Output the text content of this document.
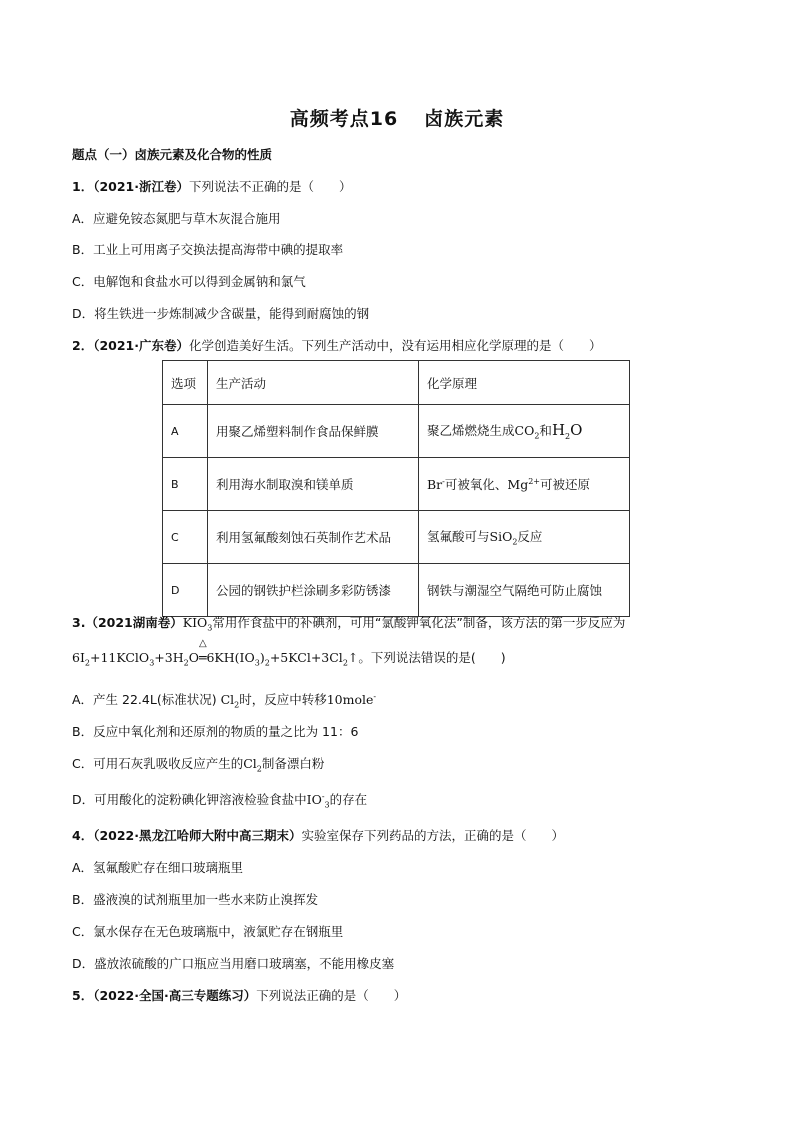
高频考点16 卤族元素
题点（一）卤族元素及化合物的性质
1．（2021·浙江卷）下列说法不正确的是（　　）
A．应避免铵态氮肥与草木灰混合施用
B．工业上可用离子交换法提高海带中碘的提取率
C．电解饱和食盐水可以得到金属钠和氯气
D．将生铁进一步炼制减少含碳量，能得到耐腐蚀的钢
2．（2021·广东卷）化学创造美好生活。下列生产活动中，没有运用相应化学原理的是（　　）
选项	生产活动	化学原理
A	用聚乙烯塑料制作食品保鲜膜	聚乙烯燃烧生成$CO_2$和$H_2O$
B	利用海水制取溴和镁单质	Br-可被氧化、$Mg^{2+}$可被还原
C	利用氢氟酸刻蚀石英制作艺术品	氢氟酸可与SiO$_2$反应
D	公园的钢铁护栏涂刷多彩防锈漆	钢铁与潮湿空气隔绝可防止腐蚀
3.（2021湖南卷）$KIO_3$常用作食盐中的补碘剂，可用“氯酸钾氧化法”制备，该方法的第一步反应为
$6I_2+11KClO_3+3H_2O$
△
$═6KH(IO_3)_2+5KCl+3Cl_2↑$。下列说法错误的是(　　)
A．产生 22.4L(标准状况) $Cl_2$时，反应中转移10mole-
B．反应中氧化剂和还原剂的物质的量之比为 11：6
C．可用石灰乳吸收反应产生的$Cl_2$制备漂白粉
D．可用酸化的淀粉碘化钾溶液检验食盐中$IO^-_3$的存在
4．（2022·黑龙江哈师大附中高三期末）实验室保存下列药品的方法，正确的是（　　）
A．氢氟酸贮存在细口玻璃瓶里
B．盛液溴的试剂瓶里加一些水来防止溴挥发
C．氯水保存在无色玻璃瓶中，液氯贮存在钢瓶里
D．盛放浓硫酸的广口瓶应当用磨口玻璃塞，不能用橡皮塞
5．（2022·全国·高三专题练习）下列说法正确的是（　　）
